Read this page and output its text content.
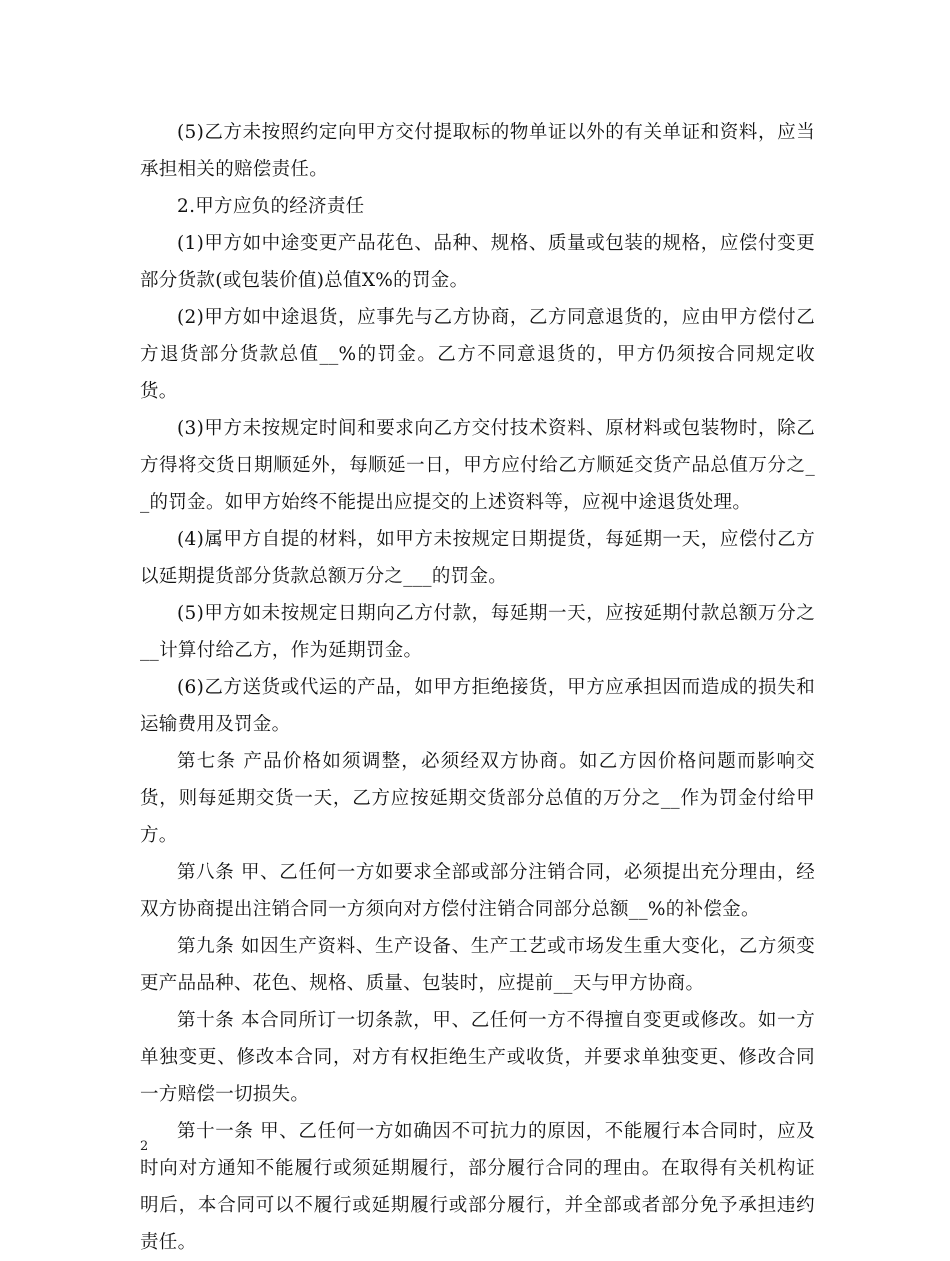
(5)乙方未按照约定向甲方交付提取标的物单证以外的有关单证和资料，应当承担相关的赔偿责任。

2.甲方应负的经济责任

(1)甲方如中途变更产品花色、品种、规格、质量或包装的规格，应偿付变更部分货款(或包装价值)总值X%的罚金。

(2)甲方如中途退货，应事先与乙方协商，乙方同意退货的，应由甲方偿付乙方退货部分货款总值__%的罚金。乙方不同意退货的，甲方仍须按合同规定收货。

(3)甲方未按规定时间和要求向乙方交付技术资料、原材料或包装物时，除乙方得将交货日期顺延外，每顺延一日，甲方应付给乙方顺延交货产品总值万分之__的罚金。如甲方始终不能提出应提交的上述资料等，应视中途退货处理。

(4)属甲方自提的材料，如甲方未按规定日期提货，每延期一天，应偿付乙方以延期提货部分货款总额万分之___的罚金。

(5)甲方如未按规定日期向乙方付款，每延期一天，应按延期付款总额万分之__计算付给乙方，作为延期罚金。

(6)乙方送货或代运的产品，如甲方拒绝接货，甲方应承担因而造成的损失和运输费用及罚金。

第七条 产品价格如须调整，必须经双方协商。如乙方因价格问题而影响交货，则每延期交货一天，乙方应按延期交货部分总值的万分之__作为罚金付给甲方。

第八条 甲、乙任何一方如要求全部或部分注销合同，必须提出充分理由，经双方协商提出注销合同一方须向对方偿付注销合同部分总额__%的补偿金。

第九条 如因生产资料、生产设备、生产工艺或市场发生重大变化，乙方须变更产品品种、花色、规格、质量、包装时，应提前__天与甲方协商。

第十条 本合同所订一切条款，甲、乙任何一方不得擅自变更或修改。如一方单独变更、修改本合同，对方有权拒绝生产或收货，并要求单独变更、修改合同一方赔偿一切损失。

第十一条 甲、乙任何一方如确因不可抗力的原因，不能履行本合同时，应及时向对方通知不能履行或须延期履行，部分履行合同的理由。在取得有关机构证明后，本合同可以不履行或延期履行或部分履行，并全部或者部分免予承担违约责任。

2
